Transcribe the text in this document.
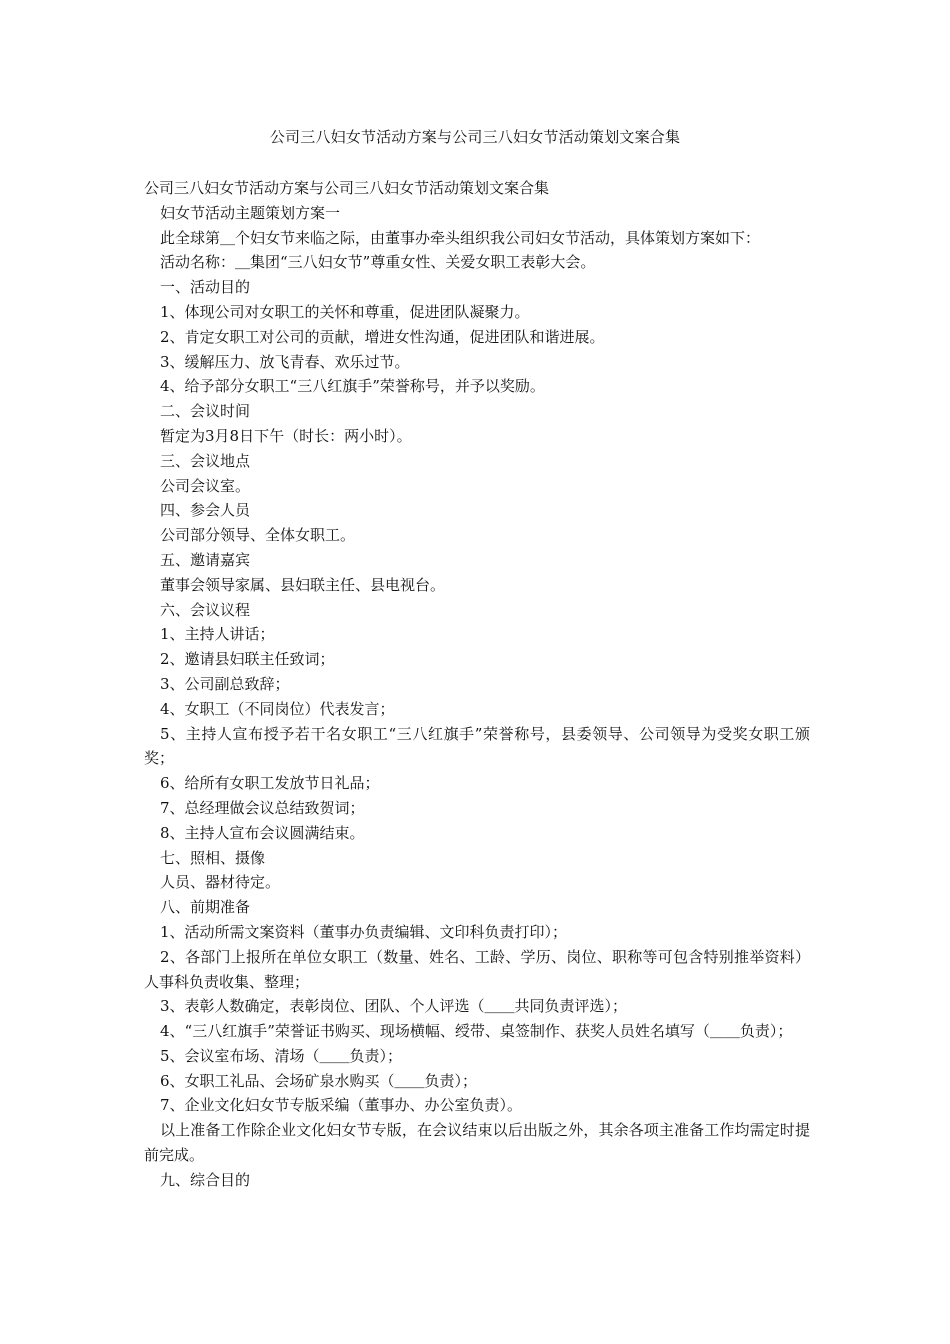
公司三八妇女节活动方案与公司三八妇女节活动策划文案合集

公司三八妇女节活动方案与公司三八妇女节活动策划文案合集

妇女节活动主题策划方案一

此全球第＿个妇女节来临之际，由董事办牵头组织我公司妇女节活动，具体策划方案如下：

活动名称：＿集团“三八妇女节”尊重女性、关爱女职工表彰大会。

一、活动目的

1、体现公司对女职工的关怀和尊重，促进团队凝聚力。

2、肯定女职工对公司的贡献，增进女性沟通，促进团队和谐进展。

3、缓解压力、放飞青春、欢乐过节。

4、给予部分女职工“三八红旗手”荣誉称号，并予以奖励。

二、会议时间

暂定为3月8日下午（时长：两小时）。

三、会议地点

公司会议室。

四、参会人员

公司部分领导、全体女职工。

五、邀请嘉宾

董事会领导家属、县妇联主任、县电视台。

六、会议议程

1、主持人讲话；

2、邀请县妇联主任致词；

3、公司副总致辞；

4、女职工（不同岗位）代表发言；

5、主持人宣布授予若干名女职工“三八红旗手”荣誉称号，县委领导、公司领导为受奖女职工颁奖；

6、给所有女职工发放节日礼品；

7、总经理做会议总结致贺词；

8、主持人宣布会议圆满结束。

七、照相、摄像

人员、器材待定。

八、前期准备

1、活动所需文案资料（董事办负责编辑、文印科负责打印）；

2、各部门上报所在单位女职工（数量、姓名、工龄、学历、岗位、职称等可包含特别推举资料）人事科负责收集、整理；

3、表彰人数确定，表彰岗位、团队、个人评选（＿＿共同负责评选）；

4、“三八红旗手”荣誉证书购买、现场横幅、绶带、桌签制作、获奖人员姓名填写（＿＿负责）；

5、会议室布场、清场（＿＿负责）；

6、女职工礼品、会场矿泉水购买（＿＿负责）；

7、企业文化妇女节专版采编（董事办、办公室负责）。

以上准备工作除企业文化妇女节专版，在会议结束以后出版之外，其余各项主准备工作均需定时提前完成。

九、综合目的
